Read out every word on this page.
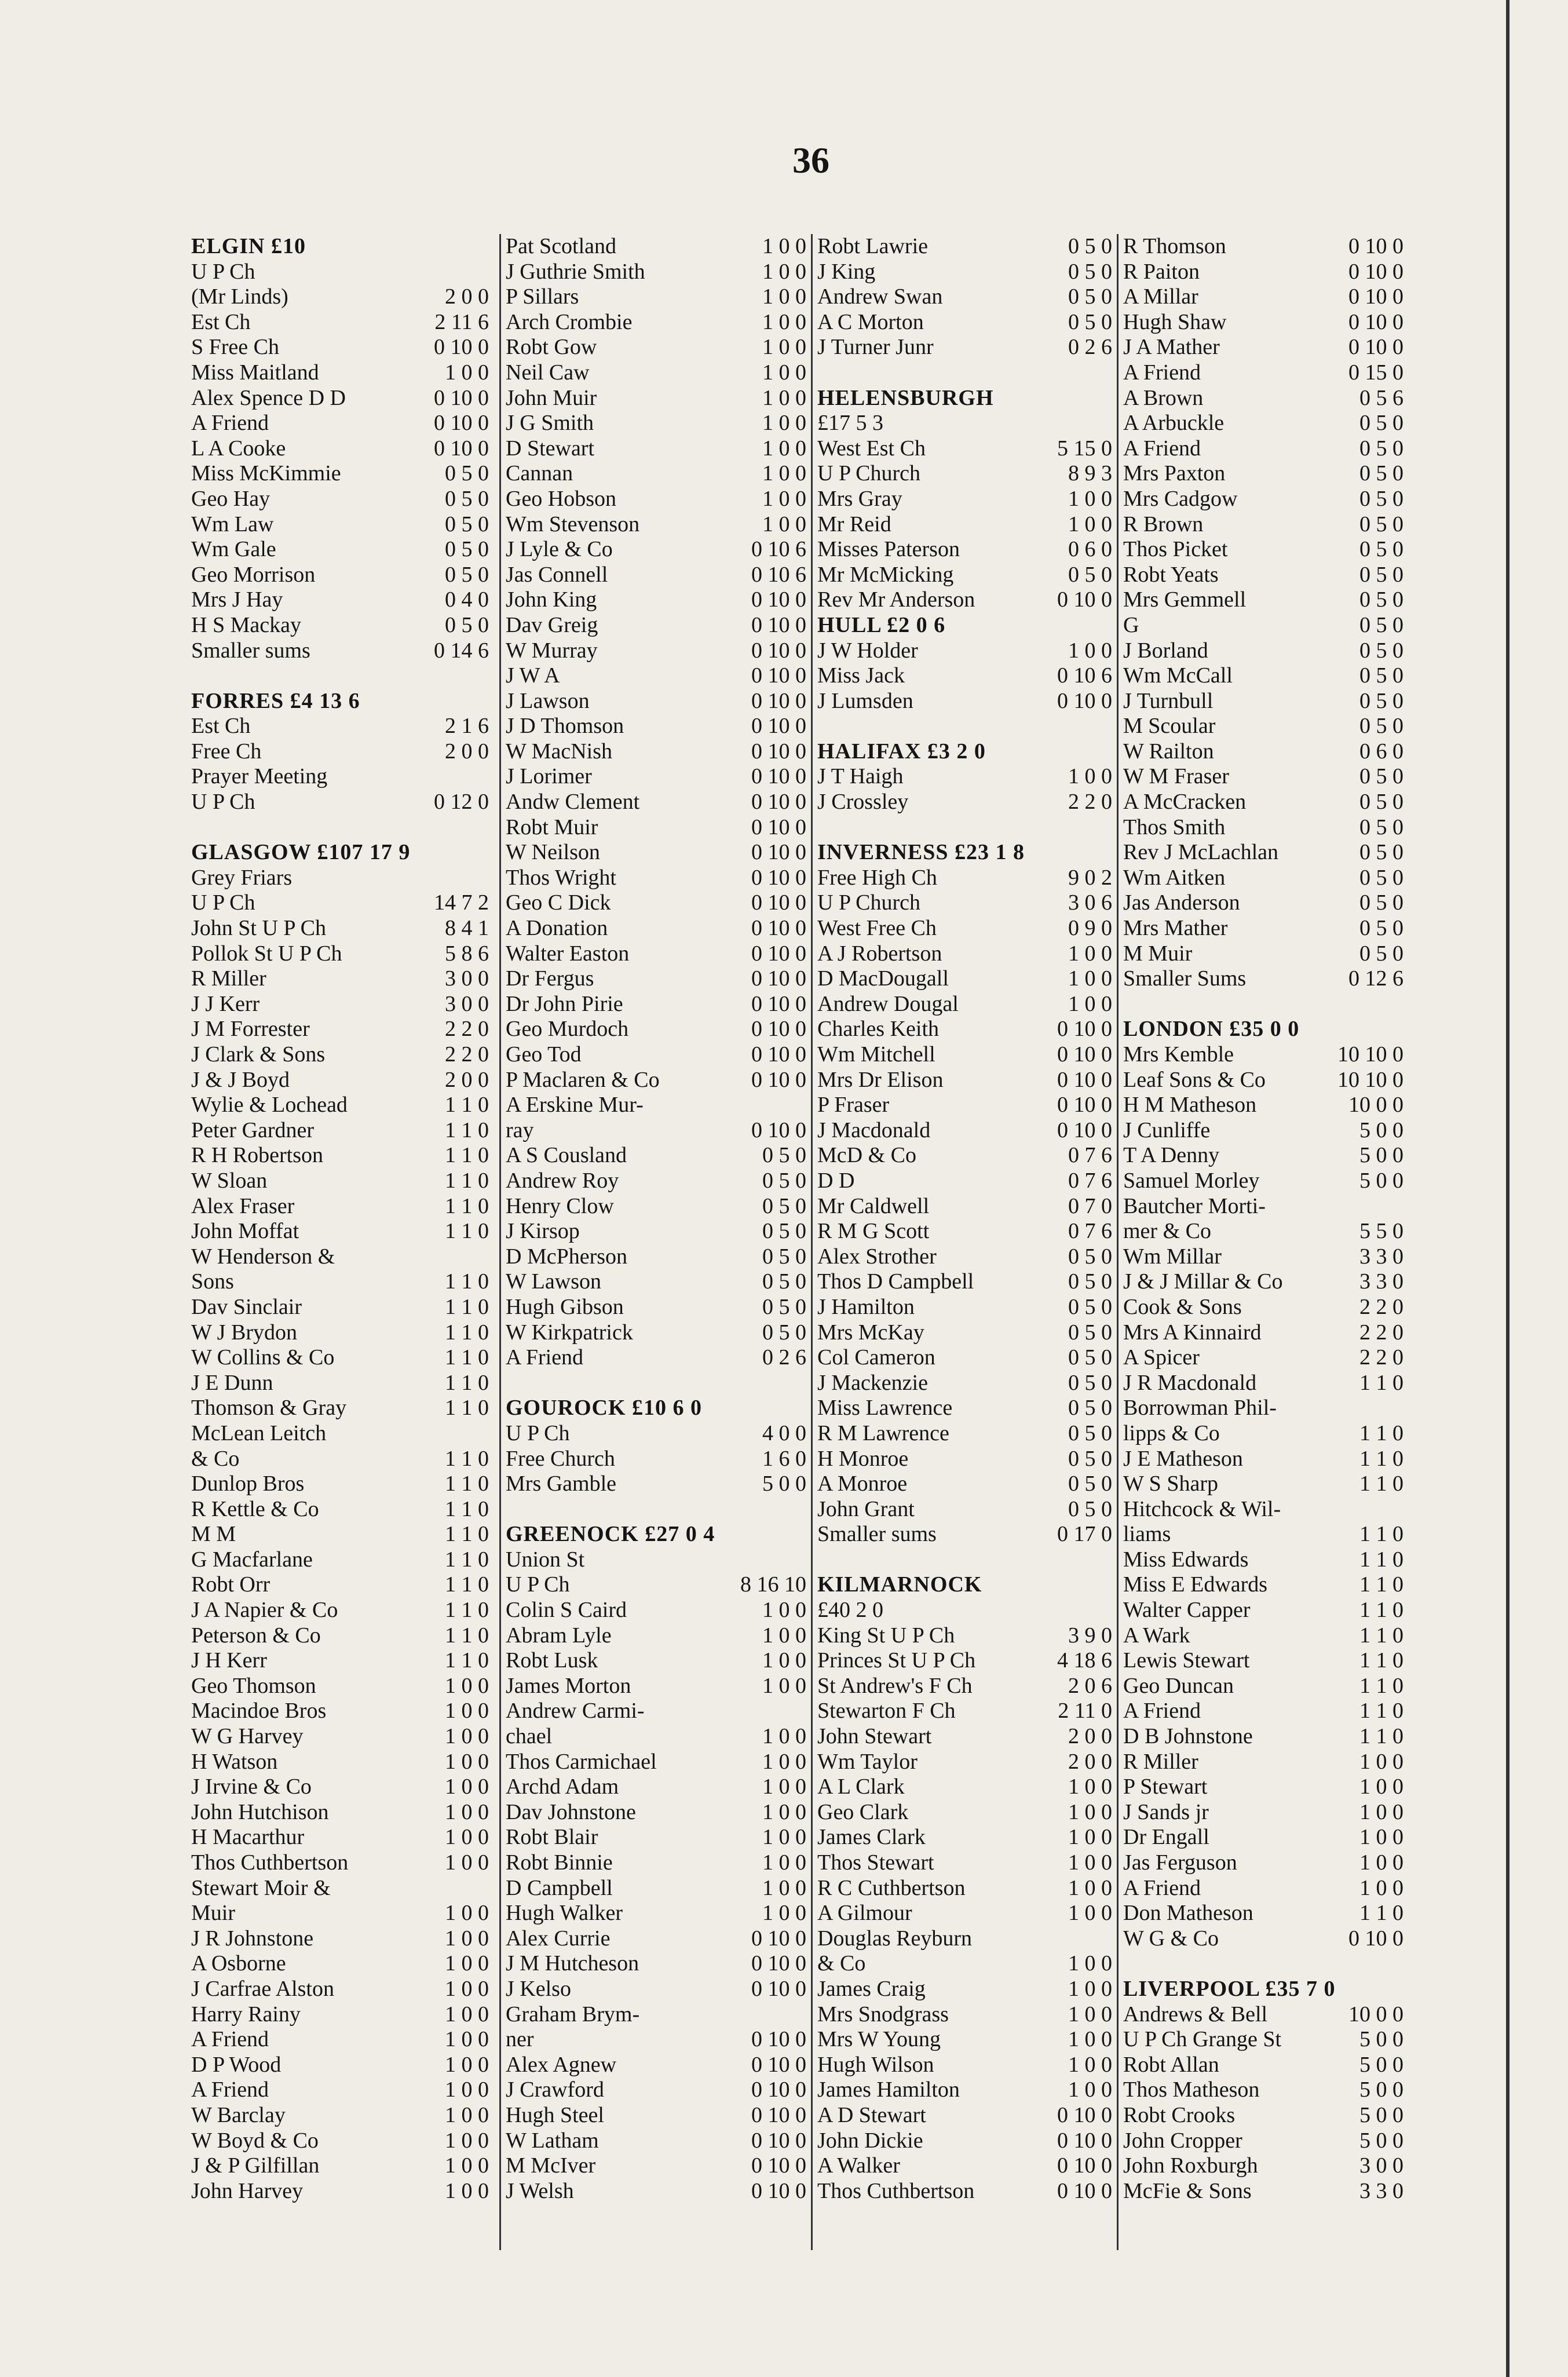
36
ELGIN £10
U P Ch
(Mr Linds)	2 0 0
Est Ch	2 11 6
S Free Ch	0 10 0
Miss Maitland	1 0 0
Alex Spence D D	0 10 0
A Friend	0 10 0
L A Cooke	0 10 0
Miss McKimmie	0 5 0
Geo Hay	0 5 0
Wm Law	0 5 0
Wm Gale	0 5 0
Geo Morrison	0 5 0
Mrs J Hay	0 4 0
H S Mackay	0 5 0
Smaller sums	0 14 6
FORRES £4 13 6
Est Ch	2 1 6
Free Ch	2 0 0
Prayer Meeting
U P Ch	0 12 0
GLASGOW £107 17 9
Grey Friars
U P Ch	14 7 2
John St U P Ch	8 4 1
Pollok St U P Ch	5 8 6
R Miller	3 0 0
J J Kerr	3 0 0
J M Forrester	2 2 0
J Clark & Sons	2 2 0
J & J Boyd	2 0 0
Wylie & Lochead	1 1 0
Peter Gardner	1 1 0
R H Robertson	1 1 0
W Sloan	1 1 0
Alex Fraser	1 1 0
John Moffat	1 1 0
W Henderson &
Sons	1 1 0
Dav Sinclair	1 1 0
W J Brydon	1 1 0
W Collins & Co	1 1 0
J E Dunn	1 1 0
Thomson & Gray	1 1 0
McLean Leitch
& Co	1 1 0
Dunlop Bros	1 1 0
R Kettle & Co	1 1 0
M M	1 1 0
G Macfarlane	1 1 0
Robt Orr	1 1 0
J A Napier & Co	1 1 0
Peterson & Co	1 1 0
J H Kerr	1 1 0
Geo Thomson	1 0 0
Macindoe Bros	1 0 0
W G Harvey	1 0 0
H Watson	1 0 0
J Irvine & Co	1 0 0
John Hutchison	1 0 0
H Macarthur	1 0 0
Thos Cuthbertson	1 0 0
Stewart Moir &
Muir	1 0 0
J R Johnstone	1 0 0
A Osborne	1 0 0
J Carfrae Alston	1 0 0
Harry Rainy	1 0 0
A Friend	1 0 0
D P Wood	1 0 0
A Friend	1 0 0
W Barclay	1 0 0
W Boyd & Co	1 0 0
J & P Gilfillan	1 0 0
John Harvey	1 0 0
Pat Scotland	1 0 0
J Guthrie Smith	1 0 0
P Sillars	1 0 0
Arch Crombie	1 0 0
Robt Gow	1 0 0
Neil Caw	1 0 0
John Muir	1 0 0
J G Smith	1 0 0
D Stewart	1 0 0
Cannan	1 0 0
Geo Hobson	1 0 0
Wm Stevenson	1 0 0
J Lyle & Co	0 10 6
Jas Connell	0 10 6
John King	0 10 0
Dav Greig	0 10 0
W Murray	0 10 0
J W A	0 10 0
J Lawson	0 10 0
J D Thomson	0 10 0
W MacNish	0 10 0
J Lorimer	0 10 0
Andw Clement	0 10 0
Robt Muir	0 10 0
W Neilson	0 10 0
Thos Wright	0 10 0
Geo C Dick	0 10 0
A Donation	0 10 0
Walter Easton	0 10 0
Dr Fergus	0 10 0
Dr John Pirie	0 10 0
Geo Murdoch	0 10 0
Geo Tod	0 10 0
P Maclaren & Co	0 10 0
A Erskine Mur-
ray	0 10 0
A S Cousland	0 5 0
Andrew Roy	0 5 0
Henry Clow	0 5 0
J Kirsop	0 5 0
D McPherson	0 5 0
W Lawson	0 5 0
Hugh Gibson	0 5 0
W Kirkpatrick	0 5 0
A Friend	0 2 6
GOUROCK £10 6 0
U P Ch	4 0 0
Free Church	1 6 0
Mrs Gamble	5 0 0
GREENOCK £27 0 4
Union St
U P Ch	8 16 10
Colin S Caird	1 0 0
Abram Lyle	1 0 0
Robt Lusk	1 0 0
James Morton	1 0 0
Andrew Carmi-
chael	1 0 0
Thos Carmichael	1 0 0
Archd Adam	1 0 0
Dav Johnstone	1 0 0
Robt Blair	1 0 0
Robt Binnie	1 0 0
D Campbell	1 0 0
Hugh Walker	1 0 0
Alex Currie	0 10 0
J M Hutcheson	0 10 0
J Kelso	0 10 0
Graham Brym-
ner	0 10 0
Alex Agnew	0 10 0
J Crawford	0 10 0
Hugh Steel	0 10 0
W Latham	0 10 0
M McIver	0 10 0
J Welsh	0 10 0
Robt Lawrie	0 5 0
J King	0 5 0
Andrew Swan	0 5 0
A C Morton	0 5 0
J Turner Junr	0 2 6
HELENSBURGH
£17 5 3
West Est Ch	5 15 0
U P Church	8 9 3
Mrs Gray	1 0 0
Mr Reid	1 0 0
Misses Paterson	0 6 0
Mr McMicking	0 5 0
Rev Mr Anderson	0 10 0
HULL £2 0 6
J W Holder	1 0 0
Miss Jack	0 10 6
J Lumsden	0 10 0
HALIFAX £3 2 0
J T Haigh	1 0 0
J Crossley	2 2 0
INVERNESS £23 1 8
Free High Ch	9 0 2
U P Church	3 0 6
West Free Ch	0 9 0
A J Robertson	1 0 0
D MacDougall	1 0 0
Andrew Dougal	1 0 0
Charles Keith	0 10 0
Wm Mitchell	0 10 0
Mrs Dr Elison	0 10 0
P Fraser	0 10 0
J Macdonald	0 10 0
McD & Co	0 7 6
D D	0 7 6
Mr Caldwell	0 7 0
R M G Scott	0 7 6
Alex Strother	0 5 0
Thos D Campbell	0 5 0
J Hamilton	0 5 0
Mrs McKay	0 5 0
Col Cameron	0 5 0
J Mackenzie	0 5 0
Miss Lawrence	0 5 0
R M Lawrence	0 5 0
H Monroe	0 5 0
A Monroe	0 5 0
John Grant	0 5 0
Smaller sums	0 17 0
KILMARNOCK
£40 2 0
King St U P Ch	3 9 0
Princes St U P Ch	4 18 6
St Andrew's F Ch	2 0 6
Stewarton F Ch	2 11 0
John Stewart	2 0 0
Wm Taylor	2 0 0
A L Clark	1 0 0
Geo Clark	1 0 0
James Clark	1 0 0
Thos Stewart	1 0 0
R C Cuthbertson	1 0 0
A Gilmour	1 0 0
Douglas Reyburn
& Co	1 0 0
James Craig	1 0 0
Mrs Snodgrass	1 0 0
Mrs W Young	1 0 0
Hugh Wilson	1 0 0
James Hamilton	1 0 0
A D Stewart	0 10 0
John Dickie	0 10 0
A Walker	0 10 0
Thos Cuthbertson	0 10 0
R Thomson	0 10 0
R Paiton	0 10 0
A Millar	0 10 0
Hugh Shaw	0 10 0
J A Mather	0 10 0
A Friend	0 15 0
A Brown	0 5 6
A Arbuckle	0 5 0
A Friend	0 5 0
Mrs Paxton	0 5 0
Mrs Cadgow	0 5 0
R Brown	0 5 0
Thos Picket	0 5 0
Robt Yeats	0 5 0
Mrs Gemmell	0 5 0
G	0 5 0
J Borland	0 5 0
Wm McCall	0 5 0
J Turnbull	0 5 0
M Scoular	0 5 0
W Railton	0 6 0
W M Fraser	0 5 0
A McCracken	0 5 0
Thos Smith	0 5 0
Rev J McLachlan	0 5 0
Wm Aitken	0 5 0
Jas Anderson	0 5 0
Mrs Mather	0 5 0
M Muir	0 5 0
Smaller Sums	0 12 6
LONDON £35 0 0
Mrs Kemble	10 10 0
Leaf Sons & Co	10 10 0
H M Matheson	10 0 0
J Cunliffe	5 0 0
T A Denny	5 0 0
Samuel Morley	5 0 0
Bautcher Morti-
mer & Co	5 5 0
Wm Millar	3 3 0
J & J Millar & Co	3 3 0
Cook & Sons	2 2 0
Mrs A Kinnaird	2 2 0
A Spicer	2 2 0
J R Macdonald	1 1 0
Borrowman Phil-
lipps & Co	1 1 0
J E Matheson	1 1 0
W S Sharp	1 1 0
Hitchcock & Wil-
liams	1 1 0
Miss Edwards	1 1 0
Miss E Edwards	1 1 0
Walter Capper	1 1 0
A Wark	1 1 0
Lewis Stewart	1 1 0
Geo Duncan	1 1 0
A Friend	1 1 0
D B Johnstone	1 1 0
R Miller	1 0 0
P Stewart	1 0 0
J Sands jr	1 0 0
Dr Engall	1 0 0
Jas Ferguson	1 0 0
A Friend	1 0 0
Don Matheson	1 1 0
W G & Co	0 10 0
LIVERPOOL £35 7 0
Andrews & Bell	10 0 0
U P Ch Grange St	5 0 0
Robt Allan	5 0 0
Thos Matheson	5 0 0
Robt Crooks	5 0 0
John Cropper	5 0 0
John Roxburgh	3 0 0
McFie & Sons	3 3 0
